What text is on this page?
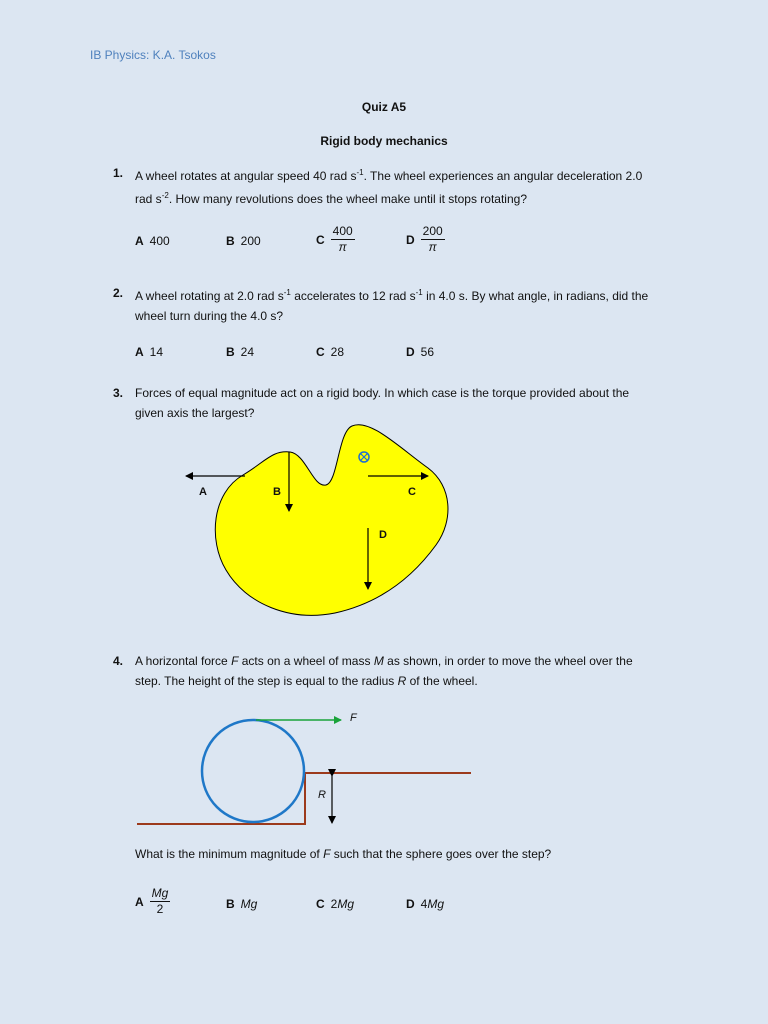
IB Physics: K.A. Tsokos
Quiz A5
Rigid body mechanics
1. A wheel rotates at angular speed 40 rad $s^{-1}$. The wheel experiences an angular deceleration 2.0
rad $s^{-2}$. How many revolutions does the wheel make until it stops rotating?
A 400	B 200	C $\frac{400}{\pi}$	D $\frac{200}{\pi}$
2. A wheel rotating at 2.0 rad $s^{-1}$ accelerates to 12 rad $s^{-1}$ in 4.0 s. By what angle, in radians, did the
wheel turn during the 4.0 s?
A 14	B 24	C 28	D 56
3. Forces of equal magnitude act on a rigid body. In which case is the torque provided about the
given axis the largest?
A	B	C
D
4. A horizontal force F acts on a wheel of mass M as shown, in order to move the wheel over the
step. The height of the step is equal to the radius R of the wheel.
F
R
What is the minimum magnitude of F such that the sphere goes over the step?
A $\frac{Mg}{2}$	B Mg	C 2Mg	D 4Mg
